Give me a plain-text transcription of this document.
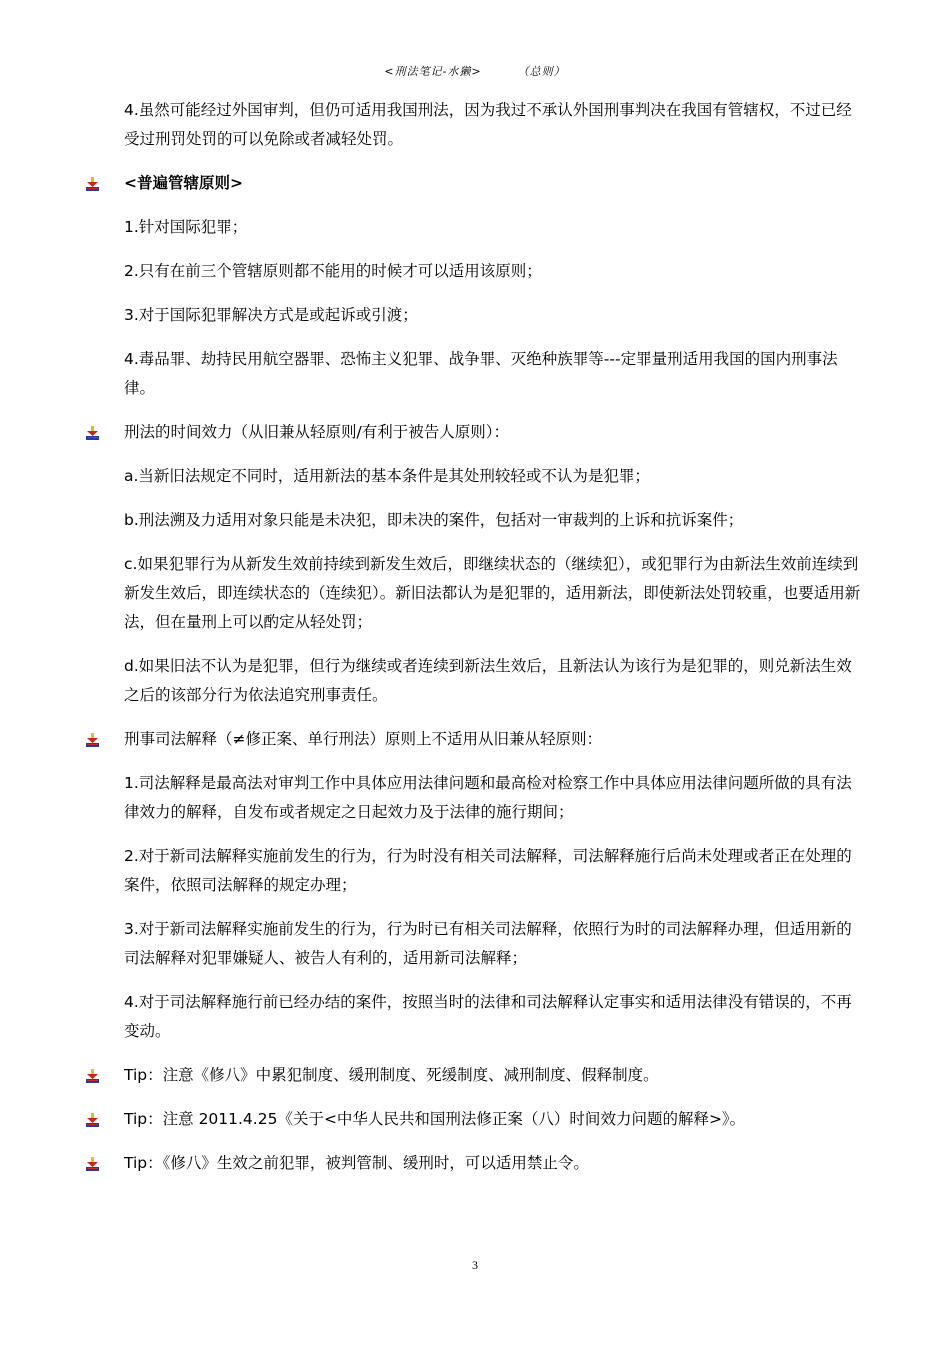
<刑法笔记-水獭>	（总则）

4.虽然可能经过外国审判，但仍可适用我国刑法，因为我过不承认外国刑事判决在我国有管辖权，不过已经受过刑罚处罚的可以免除或者减轻处罚。

<普遍管辖原则>

1.针对国际犯罪；

2.只有在前三个管辖原则都不能用的时候才可以适用该原则；

3.对于国际犯罪解决方式是或起诉或引渡；

4.毒品罪、劫持民用航空器罪、恐怖主义犯罪、战争罪、灭绝种族罪等---定罪量刑适用我国的国内刑事法律。

刑法的时间效力（从旧兼从轻原则/有利于被告人原则）：

a.当新旧法规定不同时，适用新法的基本条件是其处刑较轻或不认为是犯罪；

b.刑法溯及力适用对象只能是未决犯，即未决的案件，包括对一审裁判的上诉和抗诉案件；

c.如果犯罪行为从新发生效前持续到新发生效后，即继续状态的（继续犯），或犯罪行为由新法生效前连续到新发生效后，即连续状态的（连续犯）。新旧法都认为是犯罪的，适用新法，即使新法处罚较重，也要适用新法，但在量刑上可以酌定从轻处罚；

d.如果旧法不认为是犯罪，但行为继续或者连续到新法生效后，且新法认为该行为是犯罪的，则兑新法生效之后的该部分行为依法追究刑事责任。

刑事司法解释（≠修正案、单行刑法）原则上不适用从旧兼从轻原则：

1.司法解释是最高法对审判工作中具体应用法律问题和最高检对检察工作中具体应用法律问题所做的具有法律效力的解释，自发布或者规定之日起效力及于法律的施行期间；

2.对于新司法解释实施前发生的行为，行为时没有相关司法解释，司法解释施行后尚未处理或者正在处理的案件，依照司法解释的规定办理；

3.对于新司法解释实施前发生的行为，行为时已有相关司法解释，依照行为时的司法解释办理，但适用新的司法解释对犯罪嫌疑人、被告人有利的，适用新司法解释；

4.对于司法解释施行前已经办结的案件，按照当时的法律和司法解释认定事实和适用法律没有错误的，不再变动。

Tip：注意《修八》中累犯制度、缓刑制度、死缓制度、减刑制度、假释制度。

Tip：注意 2011.4.25《关于<中华人民共和国刑法修正案（八）时间效力问题的解释>》。

Tip：《修八》生效之前犯罪，被判管制、缓刑时，可以适用禁止令。

3
